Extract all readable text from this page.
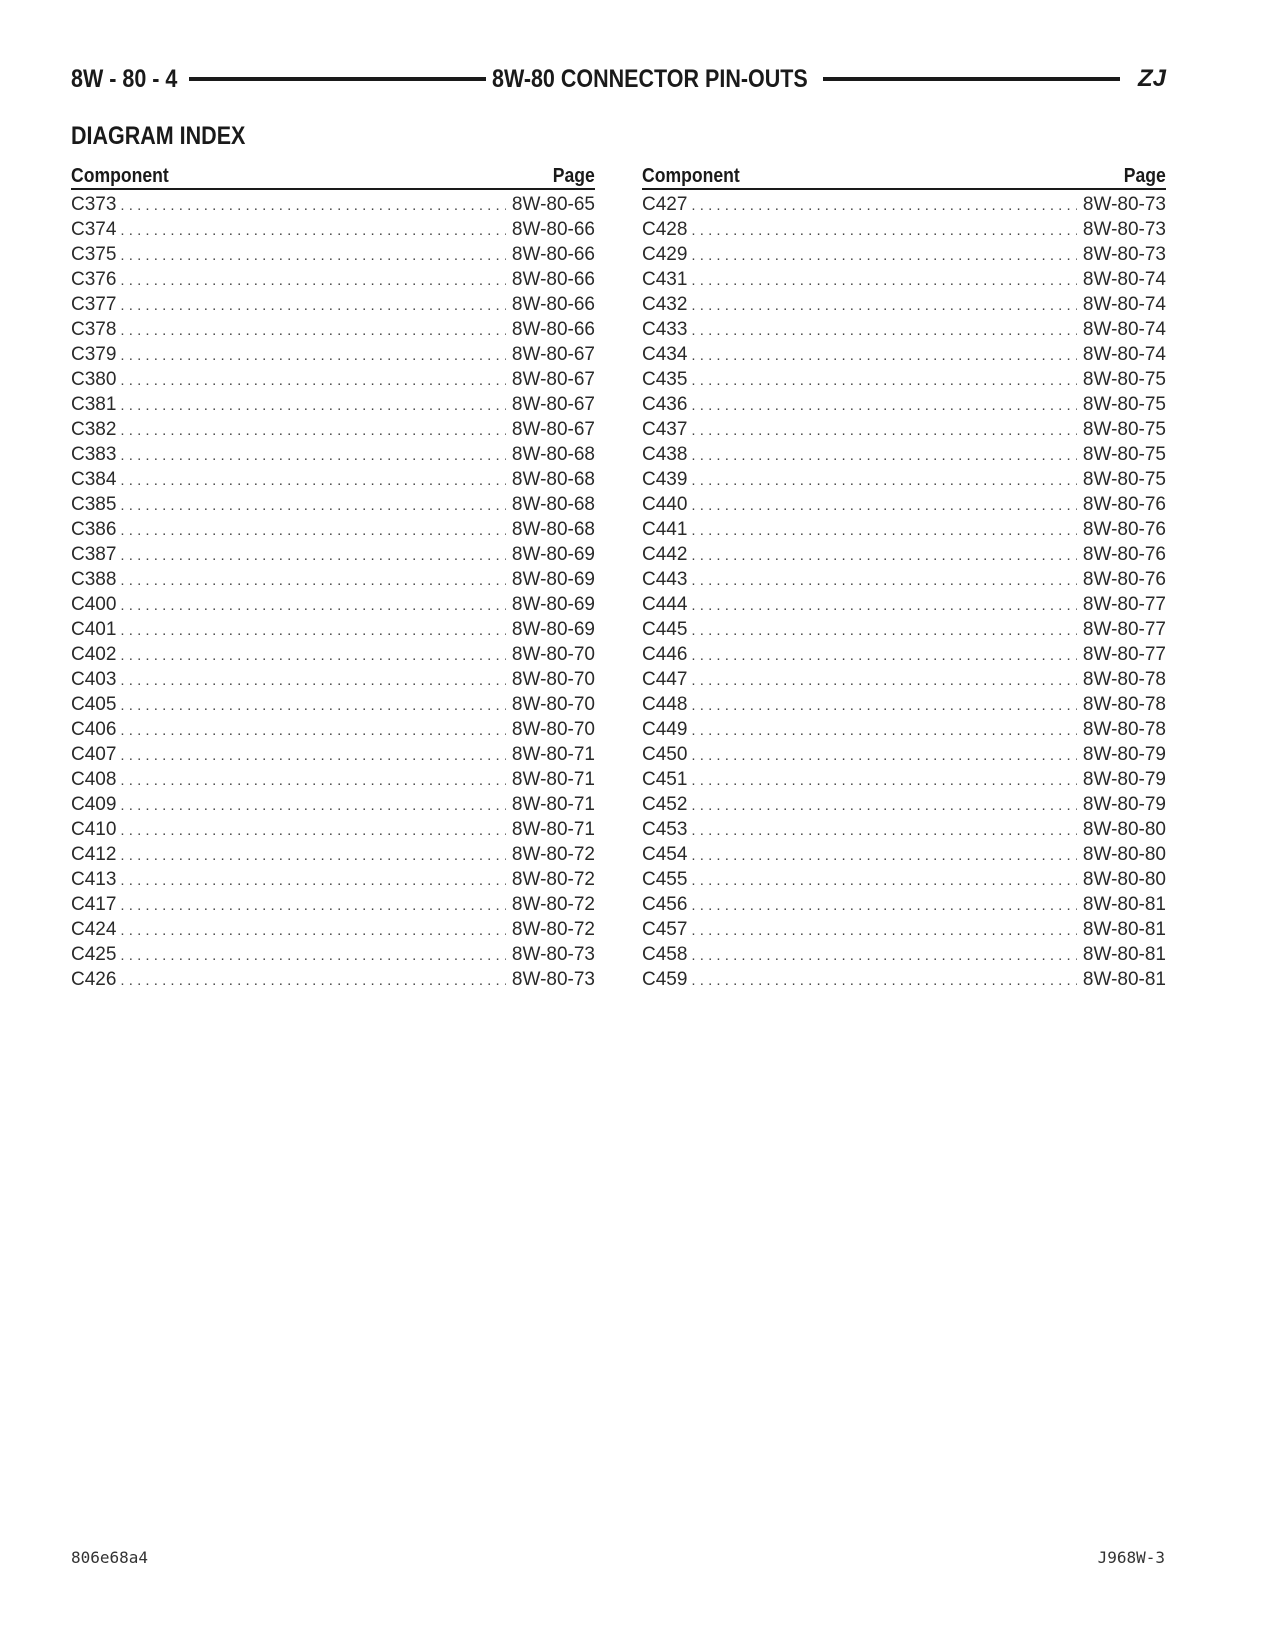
8W - 80 - 4	8W-80 CONNECTOR PIN-OUTS	ZJ
DIAGRAM INDEX
Component	Page
C373 . . .	8W-80-65
C374 . . .	8W-80-66
C375 . . .	8W-80-66
C376 . . .	8W-80-66
C377 . . .	8W-80-66
C378 . . .	8W-80-66
C379 . . .	8W-80-67
C380 . . .	8W-80-67
C381 . . .	8W-80-67
C382 . . .	8W-80-67
C383 . . .	8W-80-68
C384 . . .	8W-80-68
C385 . . .	8W-80-68
C386 . . .	8W-80-68
C387 . . .	8W-80-69
C388 . . .	8W-80-69
C400 . . .	8W-80-69
C401 . . .	8W-80-69
C402 . . .	8W-80-70
C403 . . .	8W-80-70
C405 . . .	8W-80-70
C406 . . .	8W-80-70
C407 . . .	8W-80-71
C408 . . .	8W-80-71
C409 . . .	8W-80-71
C410 . . .	8W-80-71
C412 . . .	8W-80-72
C413 . . .	8W-80-72
C417 . . .	8W-80-72
C424 . . .	8W-80-72
C425 . . .	8W-80-73
C426 . . .	8W-80-73
Component	Page
C427 . . .	8W-80-73
C428 . . .	8W-80-73
C429 . . .	8W-80-73
C431 . . .	8W-80-74
C432 . . .	8W-80-74
C433 . . .	8W-80-74
C434 . . .	8W-80-74
C435 . . .	8W-80-75
C436 . . .	8W-80-75
C437 . . .	8W-80-75
C438 . . .	8W-80-75
C439 . . .	8W-80-75
C440 . . .	8W-80-76
C441 . . .	8W-80-76
C442 . . .	8W-80-76
C443 . . .	8W-80-76
C444 . . .	8W-80-77
C445 . . .	8W-80-77
C446 . . .	8W-80-77
C447 . . .	8W-80-78
C448 . . .	8W-80-78
C449 . . .	8W-80-78
C450 . . .	8W-80-79
C451 . . .	8W-80-79
C452 . . .	8W-80-79
C453 . . .	8W-80-80
C454 . . .	8W-80-80
C455 . . .	8W-80-80
C456 . . .	8W-80-81
C457 . . .	8W-80-81
C458 . . .	8W-80-81
C459 . . .	8W-80-81
806e68a4	J968W-3
